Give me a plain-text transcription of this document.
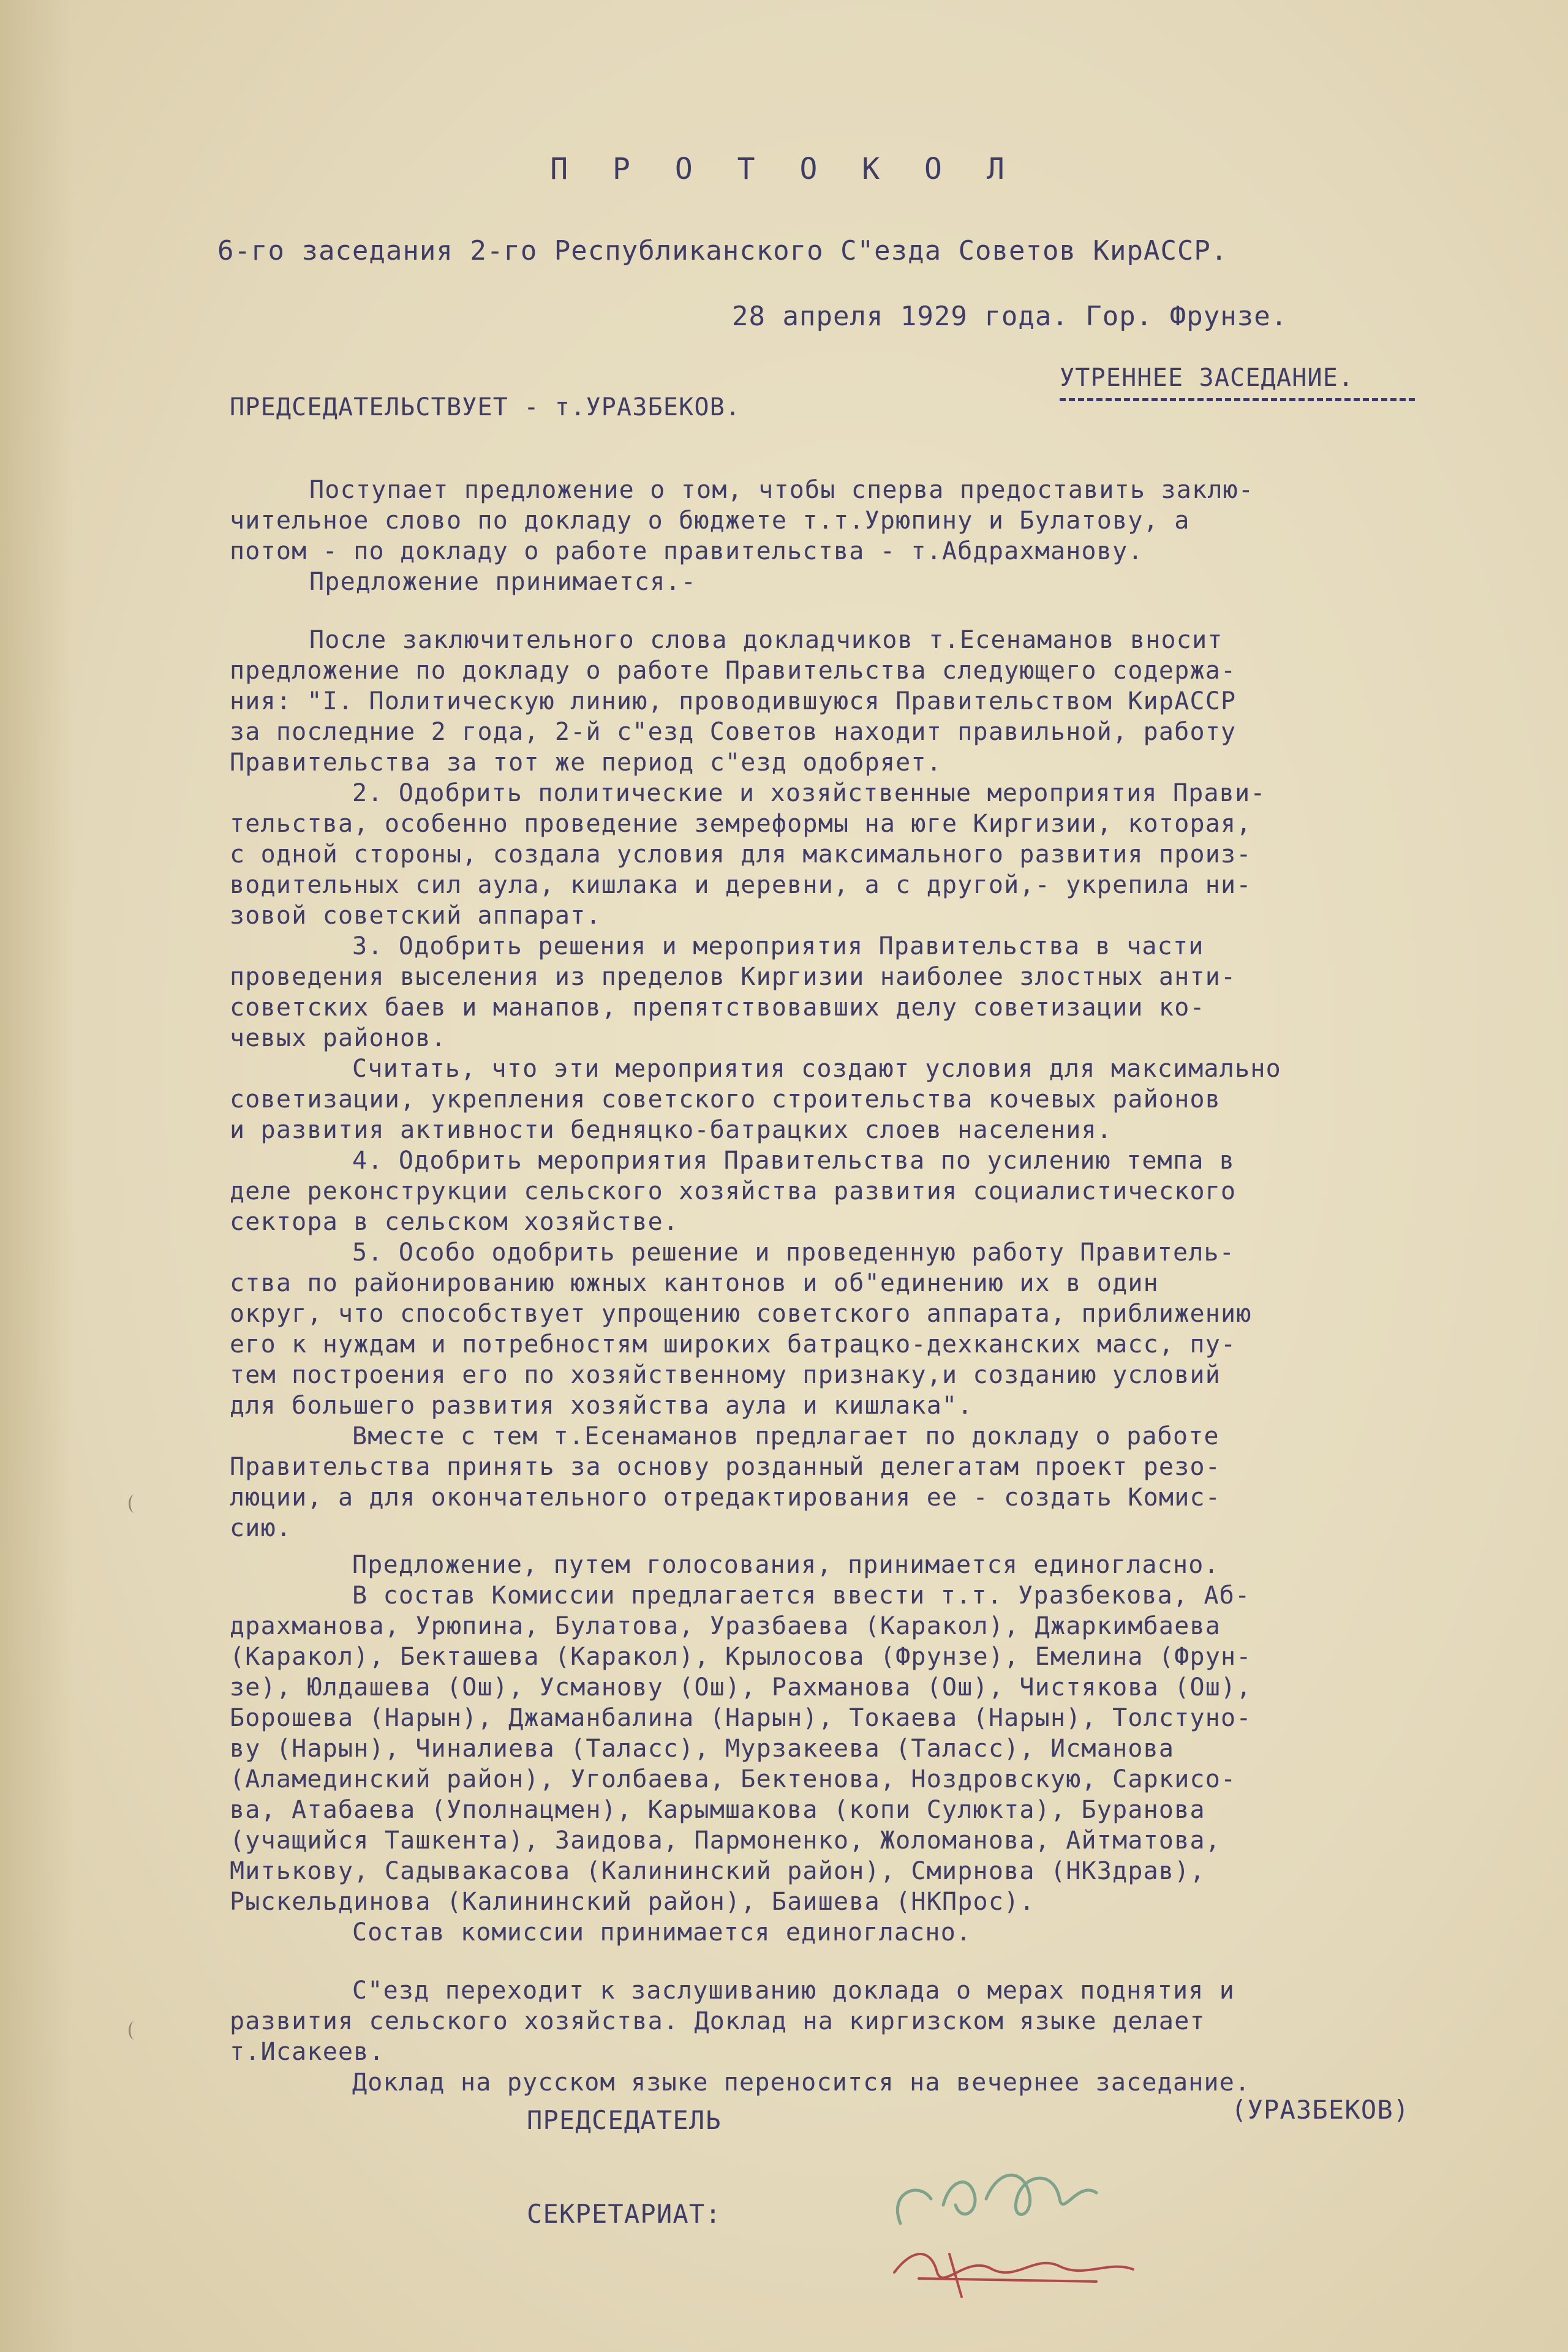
П Р О Т О К О Л
6-го заседания 2-го Республиканского С"езда Советов КирАССР.
28 апреля 1929 года. Гор. Фрунзе.
УТРЕННЕЕ ЗАСЕДАНИЕ.
ПРЕДСЕДАТЕЛЬСТВУЕТ - т.УРАЗБЕКОВ.
Поступает предложение о том, чтобы сперва предоставить заклю-
чительное слово по докладу о бюджете т.т.Урюпину и Булатову, а
потом - по докладу о работе правительства - т.Абдрахманову.
Предложение принимается.-
После заключительного слова докладчиков т.Есенаманов вносит
предложение по докладу о работе Правительства следующего содержа-
ния: "I. Политическую линию, проводившуюся Правительством КирАССР
за последние 2 года, 2-й с"езд Советов находит правильной, работу
Правительства за тот же период с"езд одобряет.
2. Одобрить политические и хозяйственные мероприятия Прави-
тельства, особенно проведение земреформы на юге Киргизии, которая,
с одной стороны, создала условия для максимального развития произ-
водительных сил аула, кишлака и деревни, а с другой,- укрепила ни-
зовой советский аппарат.
3. Одобрить решения и мероприятия Правительства в части
проведения выселения из пределов Киргизии наиболее злостных анти-
советских баев и манапов, препятствовавших делу советизации ко-
чевых районов.
Считать, что эти мероприятия создают условия для максимально
советизации, укрепления советского строительства кочевых районов
и развития активности бедняцко-батрацких слоев населения.
4. Одобрить мероприятия Правительства по усилению темпа в
деле реконструкции сельского хозяйства развития социалистического
сектора в сельском хозяйстве.
5. Особо одобрить решение и проведенную работу Правитель-
ства по районированию южных кантонов и об"единению их в один
округ, что способствует упрощению советского аппарата, приближению
его к нуждам и потребностям широких батрацко-дехканских масс, пу-
тем построения его по хозяйственному признаку,и созданию условий
для большего развития хозяйства аула и кишлака".
Вместе с тем т.Есенаманов предлагает по докладу о работе
Правительства принять за основу розданный делегатам проект резо-
люции, а для окончательного отредактирования ее - создать Комис-
сию.
Предложение, путем голосования, принимается единогласно.
В состав Комиссии предлагается ввести т.т. Уразбекова, Аб-
драхманова, Урюпина, Булатова, Уразбаева (Каракол), Джаркимбаева
(Каракол), Бекташева (Каракол), Крылосова (Фрунзе), Емелина (Фрун-
зе), Юлдашева (Ош), Усманову (Ош), Рахманова (Ош), Чистякова (Ош),
Борошева (Нарын), Джаманбалина (Нарын), Токаева (Нарын), Толстуно-
ву (Нарын), Чиналиева (Таласс), Мурзакеева (Таласс), Исманова
(Аламединский район), Уголбаева, Бектенова, Ноздровскую, Саркисо-
ва, Атабаева (Уполнацмен), Карымшакова (копи Сулюкта), Буранова
(учащийся Ташкента), Заидова, Пармоненко, Жоломанова, Айтматова,
Митькову, Садывакасова (Калининский район), Смирнова (НКЗдрав),
Рыскельдинова (Калининский район), Баишева (НКПрос).
Состав комиссии принимается единогласно.
С"езд переходит к заслушиванию доклада о мерах поднятия и
развития сельского хозяйства. Доклад на киргизском языке делает
т.Исакеев.
Доклад на русском языке переносится на вечернее заседание.
ПРЕДСЕДАТЕЛЬ	(УРАЗБЕКОВ)
СЕКРЕТАРИАТ:
